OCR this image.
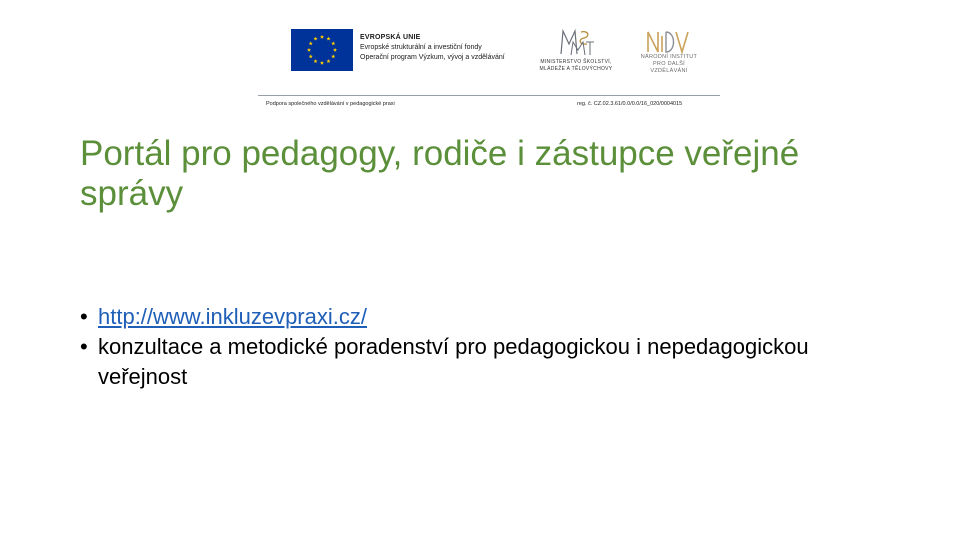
EVROPSKÁ UNIE
Evropské strukturální a investiční fondy
Operační program Výzkum, vývoj a vzdělávání
MINISTERSTVO ŠKOLSTVÍ,
MLÁDEŽE A TĚLOVÝCHOVY
NÁRODNÍ INSTITUT
PRO DALŠÍ
VZDĚLÁVÁNÍ
Podpora společného vzdělávání v pedagogické praxi	reg. č. CZ.02.3.61/0.0/0.0/16_020/0004015
Portál pro pedagogy, rodiče i zástupce veřejné správy
• http://www.inkluzevpraxi.cz/
• konzultace a metodické poradenství pro pedagogickou i nepedagogickou veřejnost
